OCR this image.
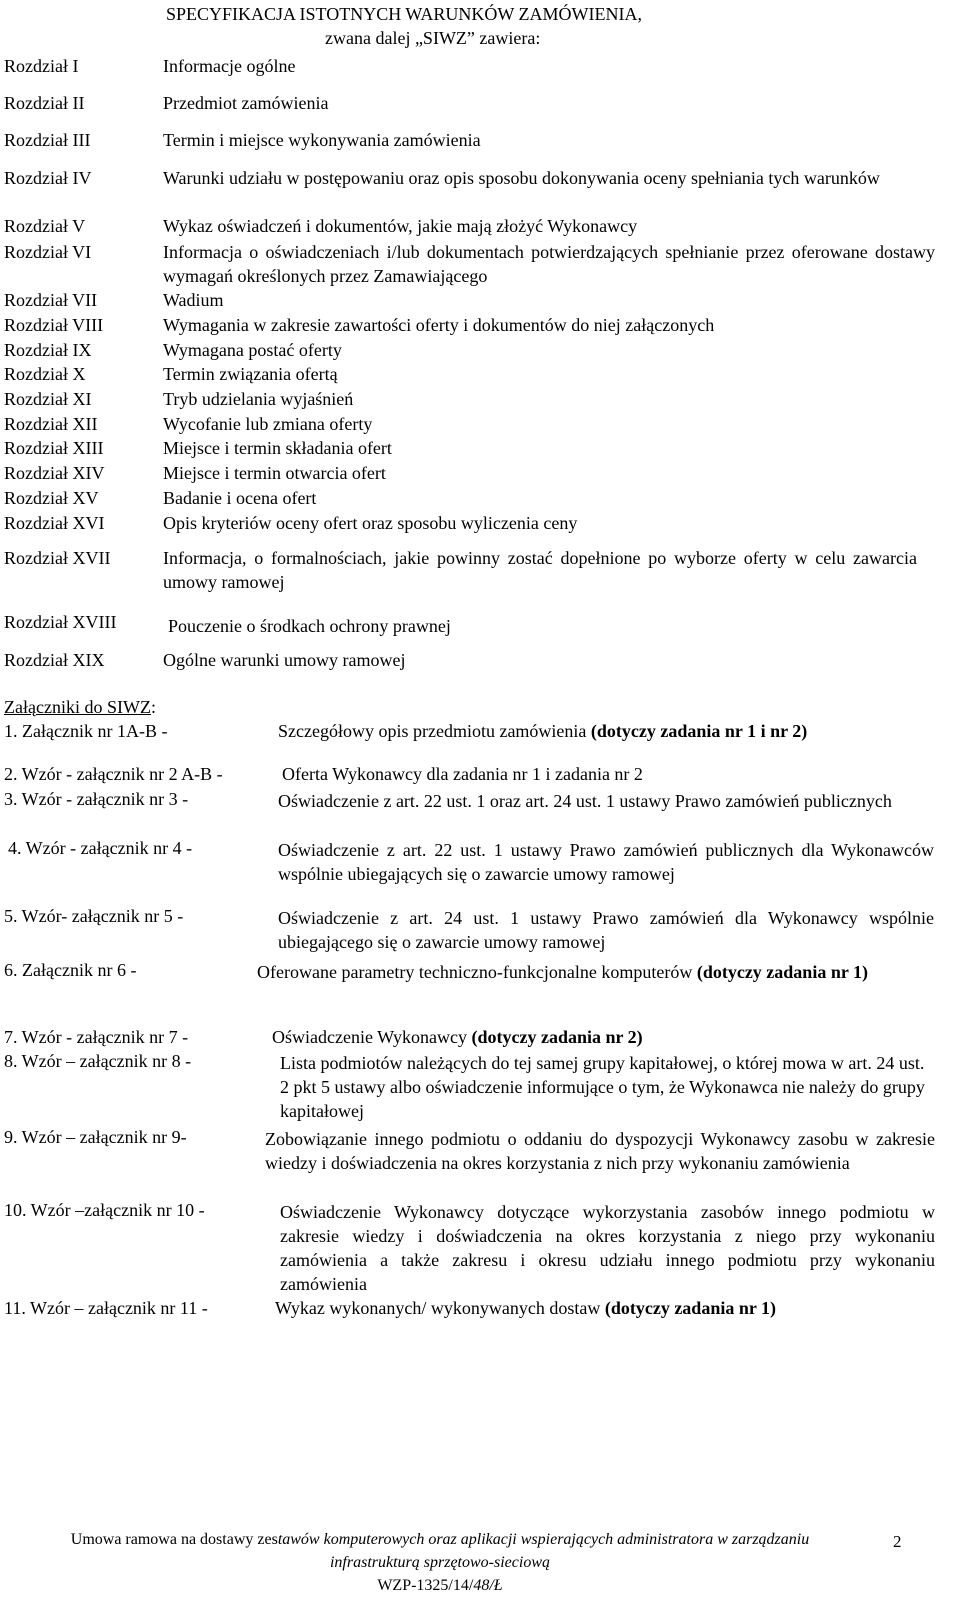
SPECYFIKACJA ISTOTNYCH WARUNKÓW ZAMÓWIENIA,
zwana dalej „SIWZ” zawiera:
Rozdział I	Informacje ogólne
Rozdział II	Przedmiot zamówienia
Rozdział III	Termin i miejsce wykonywania zamówienia
Rozdział IV	Warunki udziału w postępowaniu oraz opis sposobu dokonywania oceny spełniania tych warunków
Rozdział V	Wykaz oświadczeń i dokumentów, jakie mają złożyć Wykonawcy
Rozdział VI	Informacja o oświadczeniach i/lub dokumentach potwierdzających spełnianie przez oferowane dostawy wymagań określonych przez Zamawiającego
Rozdział VII	Wadium
Rozdział VIII	Wymagania w zakresie zawartości oferty i dokumentów do niej załączonych
Rozdział IX	Wymagana postać oferty
Rozdział X	Termin związania ofertą
Rozdział XI	Tryb udzielania wyjaśnień
Rozdział XII	Wycofanie lub zmiana oferty
Rozdział XIII	Miejsce i termin składania ofert
Rozdział XIV	Miejsce i termin otwarcia ofert
Rozdział XV	Badanie i ocena ofert
Rozdział XVI	Opis kryteriów oceny ofert oraz sposobu wyliczenia ceny
Rozdział XVII	Informacja, o formalnościach, jakie powinny zostać dopełnione po wyborze oferty w celu zawarcia umowy ramowej
Rozdział XVIII	Pouczenie o środkach ochrony prawnej
Rozdział XIX	Ogólne warunki umowy ramowej
Załączniki do SIWZ:
1. Załącznik nr 1A-B -	Szczegółowy opis przedmiotu zamówienia (dotyczy zadania nr 1 i nr 2)
2. Wzór - załącznik nr 2 A-B -	Oferta Wykonawcy dla zadania nr 1 i zadania nr 2
3. Wzór - załącznik nr 3 -	Oświadczenie z art. 22 ust. 1 oraz art. 24 ust. 1 ustawy Prawo zamówień publicznych
4. Wzór - załącznik nr 4 -	Oświadczenie z art. 22 ust. 1 ustawy Prawo zamówień publicznych dla Wykonawców wspólnie ubiegających się o zawarcie umowy ramowej
5. Wzór- załącznik nr 5 -	Oświadczenie z art. 24 ust. 1 ustawy Prawo zamówień dla Wykonawcy wspólnie ubiegającego się o zawarcie umowy ramowej
6. Załącznik nr 6 -	Oferowane parametry techniczno-funkcjonalne komputerów (dotyczy zadania nr 1)
7. Wzór - załącznik nr 7 -	Oświadczenie Wykonawcy (dotyczy zadania nr 2)
8. Wzór – załącznik nr 8 -	Lista podmiotów należących do tej samej grupy kapitałowej, o której mowa w art. 24 ust. 2 pkt 5 ustawy albo oświadczenie informujące o tym, że Wykonawca nie należy do grupy kapitałowej
9. Wzór – załącznik nr 9-	Zobowiązanie innego podmiotu o oddaniu do dyspozycji Wykonawcy zasobu w zakresie wiedzy i doświadczenia na okres korzystania z nich przy wykonaniu zamówienia
10. Wzór –załącznik nr 10 -	Oświadczenie Wykonawcy dotyczące wykorzystania zasobów innego podmiotu w zakresie wiedzy i doświadczenia na okres korzystania z niego przy wykonaniu zamówienia a także zakresu i okresu udziału innego podmiotu przy wykonaniu zamówienia
11. Wzór – załącznik nr 11 -	Wykaz wykonanych/ wykonywanych dostaw (dotyczy zadania nr 1)
Umowa ramowa na dostawy zestawów komputerowych oraz aplikacji wspierających administratora w zarządzaniu
infrastrukturą sprzętowo-sieciową
WZP-1325/14/48/Ł
2
